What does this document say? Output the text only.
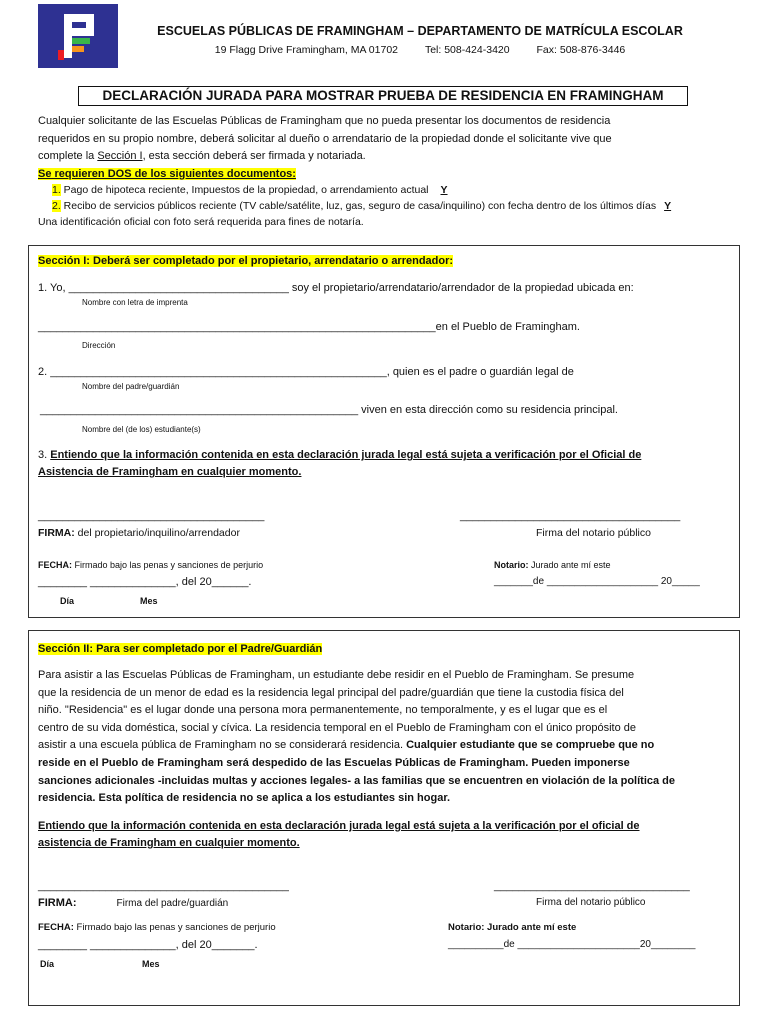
ESCUELAS PÚBLICAS DE FRAMINGHAM – DEPARTAMENTO DE MATRÍCULA ESCOLAR
19 Flagg Drive Framingham, MA 01702	Tel: 508-424-3420	Fax: 508-876-3446
DECLARACIÓN JURADA PARA MOSTRAR PRUEBA DE RESIDENCIA EN FRAMINGHAM

Cualquier solicitante de las Escuelas Públicas de Framingham que no pueda presentar los documentos de residencia

requeridos en su propio nombre, deberá solicitar al dueño o arrendatario de la propiedad donde el solicitante vive que

complete la Sección I, esta sección deberá ser firmada y notariada.

Se requieren DOS de los siguientes documentos:

1. Pago de hipoteca reciente, Impuestos de la propiedad, o arrendamiento actual Y

2. Recibo de servicios públicos reciente (TV cable/satélite, luz, gas, seguro de casa/inquilino) con fecha dentro de los últimos días Y

Una identificación oficial con foto será requerida para fines de notaría.

Sección I: Deberá ser completado por el propietario, arrendatario o arrendador:
1. Yo, ____________________________________ soy el propietario/arrendatario/arrendador de la propiedad ubicada en:
Nombre con letra de imprenta
_________________________________________________________________en el Pueblo de Framingham.
Dirección
2. _______________________________________________________, quien es el padre o guardián legal de
Nombre del padre/guardián
____________________________________________________ viven en esta dirección como su residencia principal.
Nombre del (de los) estudiante(s)
3. Entiendo que la información contenida en esta declaración jurada legal está sujeta a verificación por el Oficial de
Asistencia de Framingham en cualquier momento.
_____________________________________	____________________________________
FIRMA: del propietario/inquilino/arrendador	Firma del notario público
FECHA: Firmado bajo las penas y sanciones de perjurio	Notario: Jurado ante mí este
________ ______________, del 20______.	_______de ____________________ 20_____
Día	Mes
Sección II: Para ser completado por el Padre/Guardián
Para asistir a las Escuelas Públicas de Framingham, un estudiante debe residir en el Pueblo de Framingham. Se presume
que la residencia de un menor de edad es la residencia legal principal del padre/guardián que tiene la custodia física del
niño. "Residencia" es el lugar donde una persona mora permanentemente, no temporalmente, y es el lugar que es el
centro de su vida doméstica, social y cívica. La residencia temporal en el Pueblo de Framingham con el único propósito de
asistir a una escuela pública de Framingham no se considerará residencia. Cualquier estudiante que se compruebe que no
reside en el Pueblo de Framingham será despedido de las Escuelas Públicas de Framingham. Pueden imponerse
sanciones adicionales -incluidas multas y acciones legales- a las familias que se encuentren en violación de la política de
residencia. Esta política de residencia no se aplica a los estudiantes sin hogar.
Entiendo que la información contenida en esta declaración jurada legal está sujeta a la verificación por el oficial de
asistencia de Framingham en cualquier momento.
_________________________________________	________________________________
FIRMA:	Firma del padre/guardián	Firma del notario público
FECHA: Firmado bajo las penas y sanciones de perjurio	Notario: Jurado ante mí este
________ ______________, del 20_______.	__________de ______________________20________
Día	Mes
